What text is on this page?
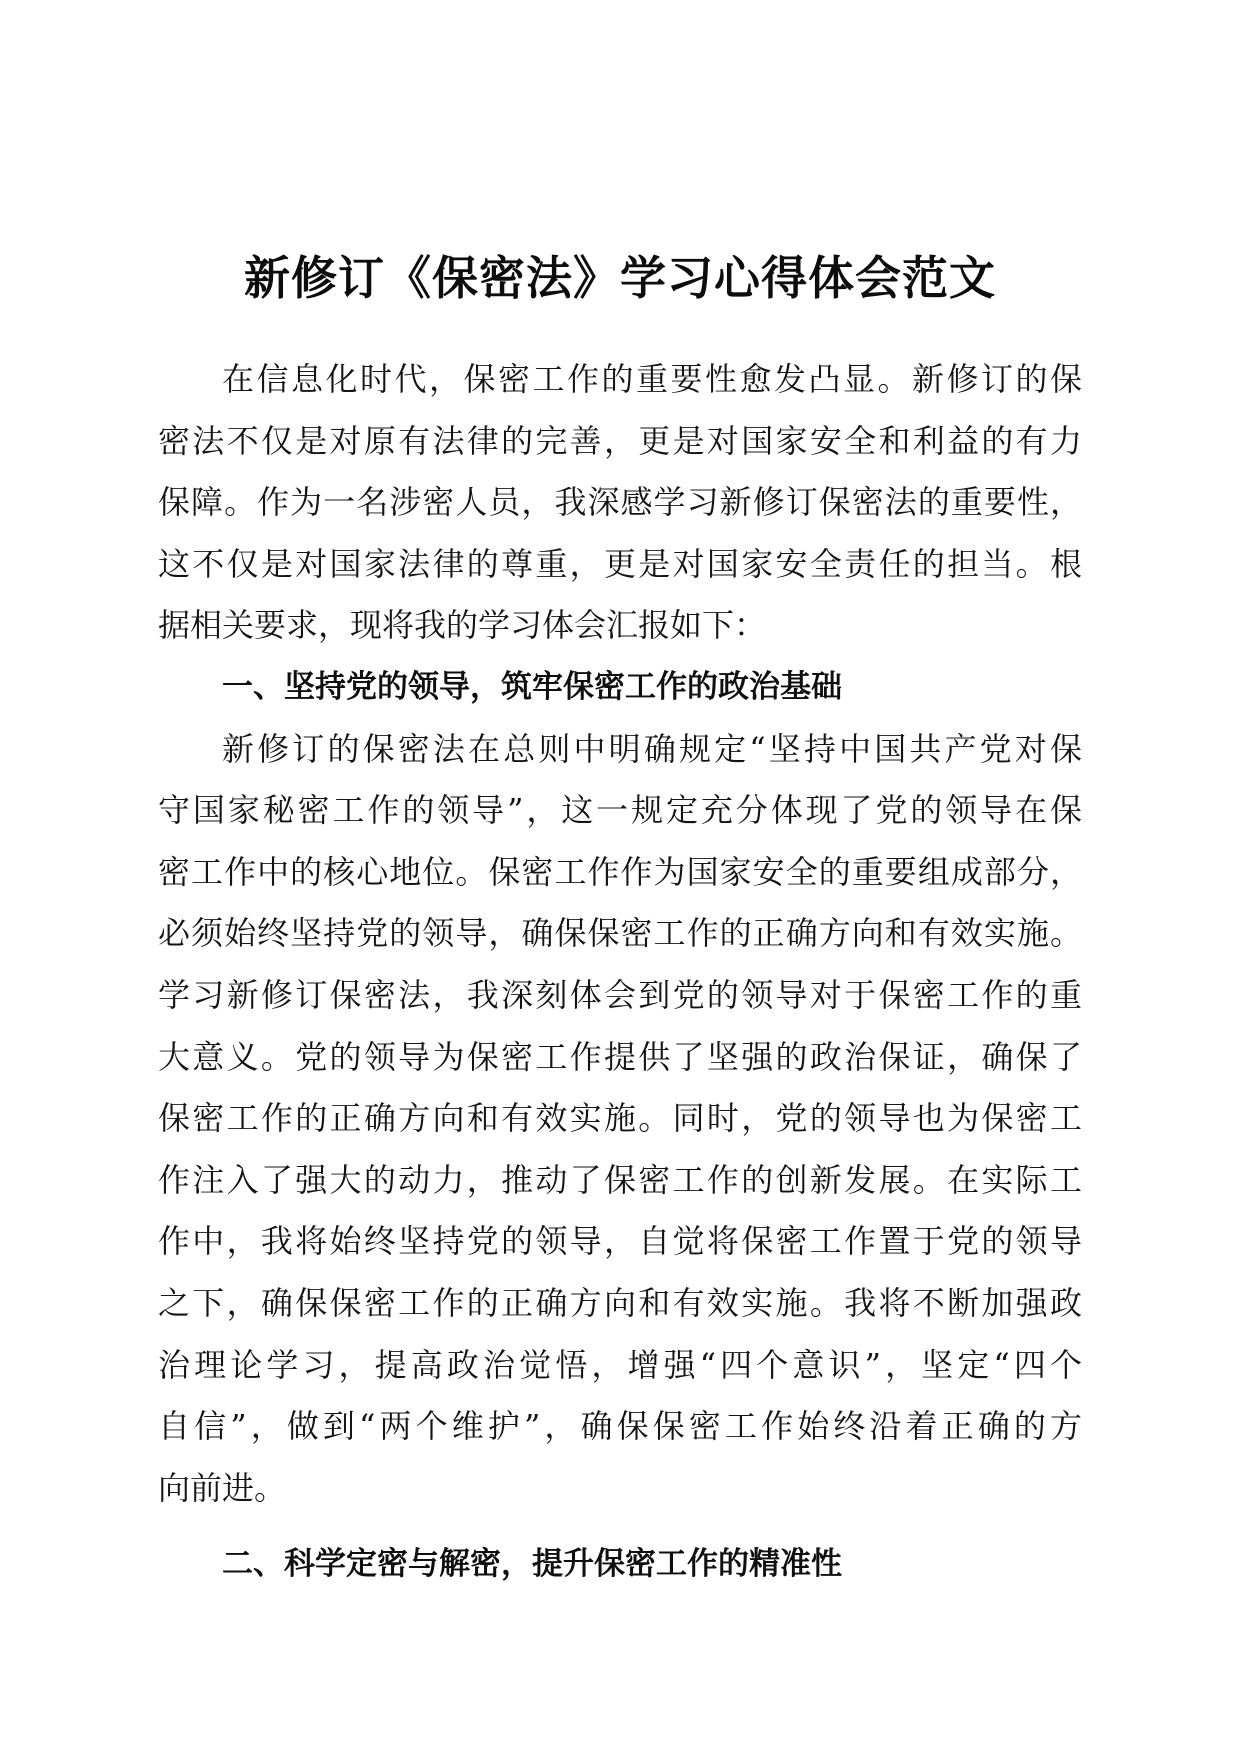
新修订《保密法》学习心得体会范文
在信息化时代，保密工作的重要性愈发凸显。新修订的保
密法不仅是对原有法律的完善，更是对国家安全和利益的有力
保障。作为一名涉密人员，我深感学习新修订保密法的重要性，
这不仅是对国家法律的尊重，更是对国家安全责任的担当。根
据相关要求，现将我的学习体会汇报如下：
一、坚持党的领导，筑牢保密工作的政治基础
新修订的保密法在总则中明确规定“坚持中国共产党对保
守国家秘密工作的领导”，这一规定充分体现了党的领导在保
密工作中的核心地位。保密工作作为国家安全的重要组成部分，
必须始终坚持党的领导，确保保密工作的正确方向和有效实施。
学习新修订保密法，我深刻体会到党的领导对于保密工作的重
大意义。党的领导为保密工作提供了坚强的政治保证，确保了
保密工作的正确方向和有效实施。同时，党的领导也为保密工
作注入了强大的动力，推动了保密工作的创新发展。在实际工
作中，我将始终坚持党的领导，自觉将保密工作置于党的领导
之下，确保保密工作的正确方向和有效实施。我将不断加强政
治理论学习，提高政治觉悟，增强“四个意识”，坚定“四个
自信”，做到“两个维护”，确保保密工作始终沿着正确的方
向前进。
二、科学定密与解密，提升保密工作的精准性
